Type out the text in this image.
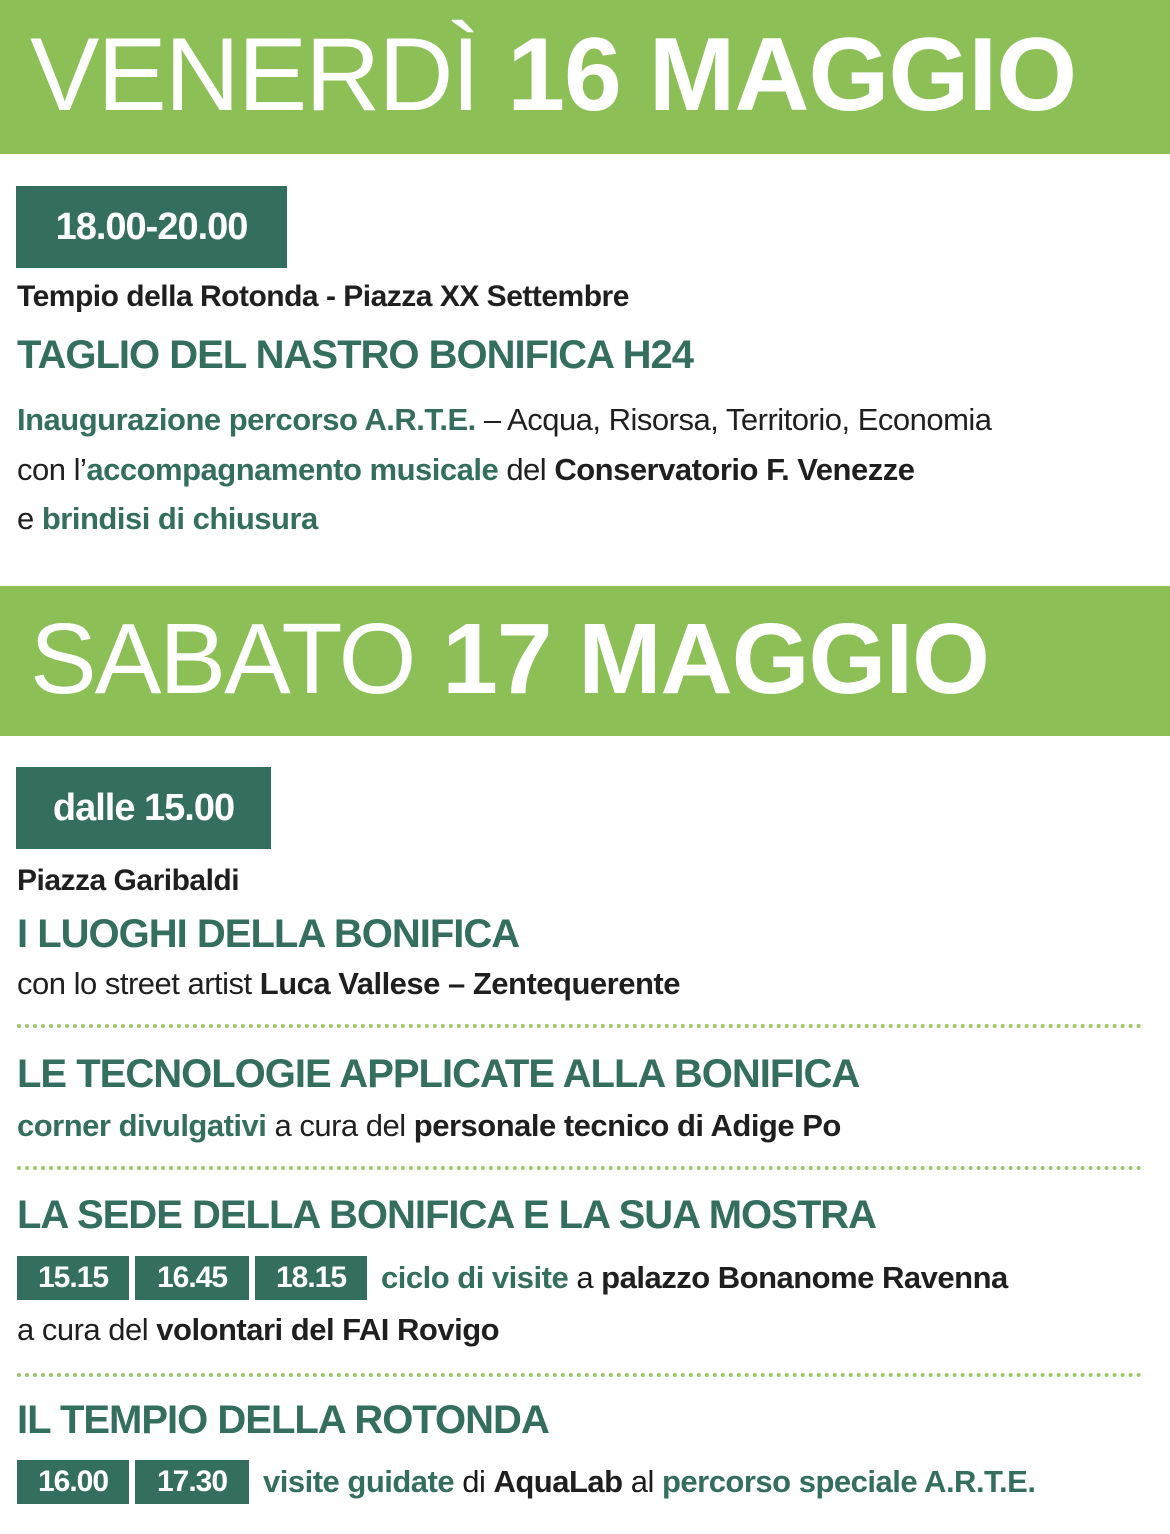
VENERDÌ 16 MAGGIO
18.00-20.00
Tempio della Rotonda - Piazza XX Settembre
TAGLIO DEL NASTRO BONIFICA H24
Inaugurazione percorso A.R.T.E. – Acqua, Risorsa, Territorio, Economia
con l’accompagnamento musicale del Conservatorio F. Venezze
e brindisi di chiusura
SABATO 17 MAGGIO
dalle 15.00
Piazza Garibaldi
I LUOGHI DELLA BONIFICA
con lo street artist Luca Vallese – Zentequerente
LE TECNOLOGIE APPLICATE ALLA BONIFICA
corner divulgativi a cura del personale tecnico di Adige Po
LA SEDE DELLA BONIFICA E LA SUA MOSTRA
15.15 16.45 18.15 ciclo di visite a palazzo Bonanome Ravenna
a cura del volontari del FAI Rovigo
IL TEMPIO DELLA ROTONDA
16.00 17.30 visite guidate di AquaLab al percorso speciale A.R.T.E.
